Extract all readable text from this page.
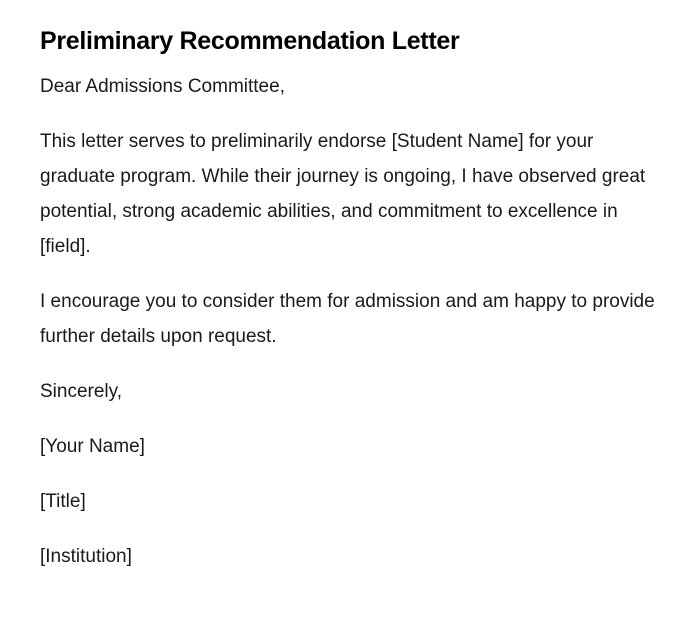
Preliminary Recommendation Letter

Dear Admissions Committee,

This letter serves to preliminarily endorse [Student Name] for your graduate program. While their journey is ongoing, I have observed great potential, strong academic abilities, and commitment to excellence in [field].

I encourage you to consider them for admission and am happy to provide further details upon request.

Sincerely,

[Your Name]

[Title]

[Institution]
